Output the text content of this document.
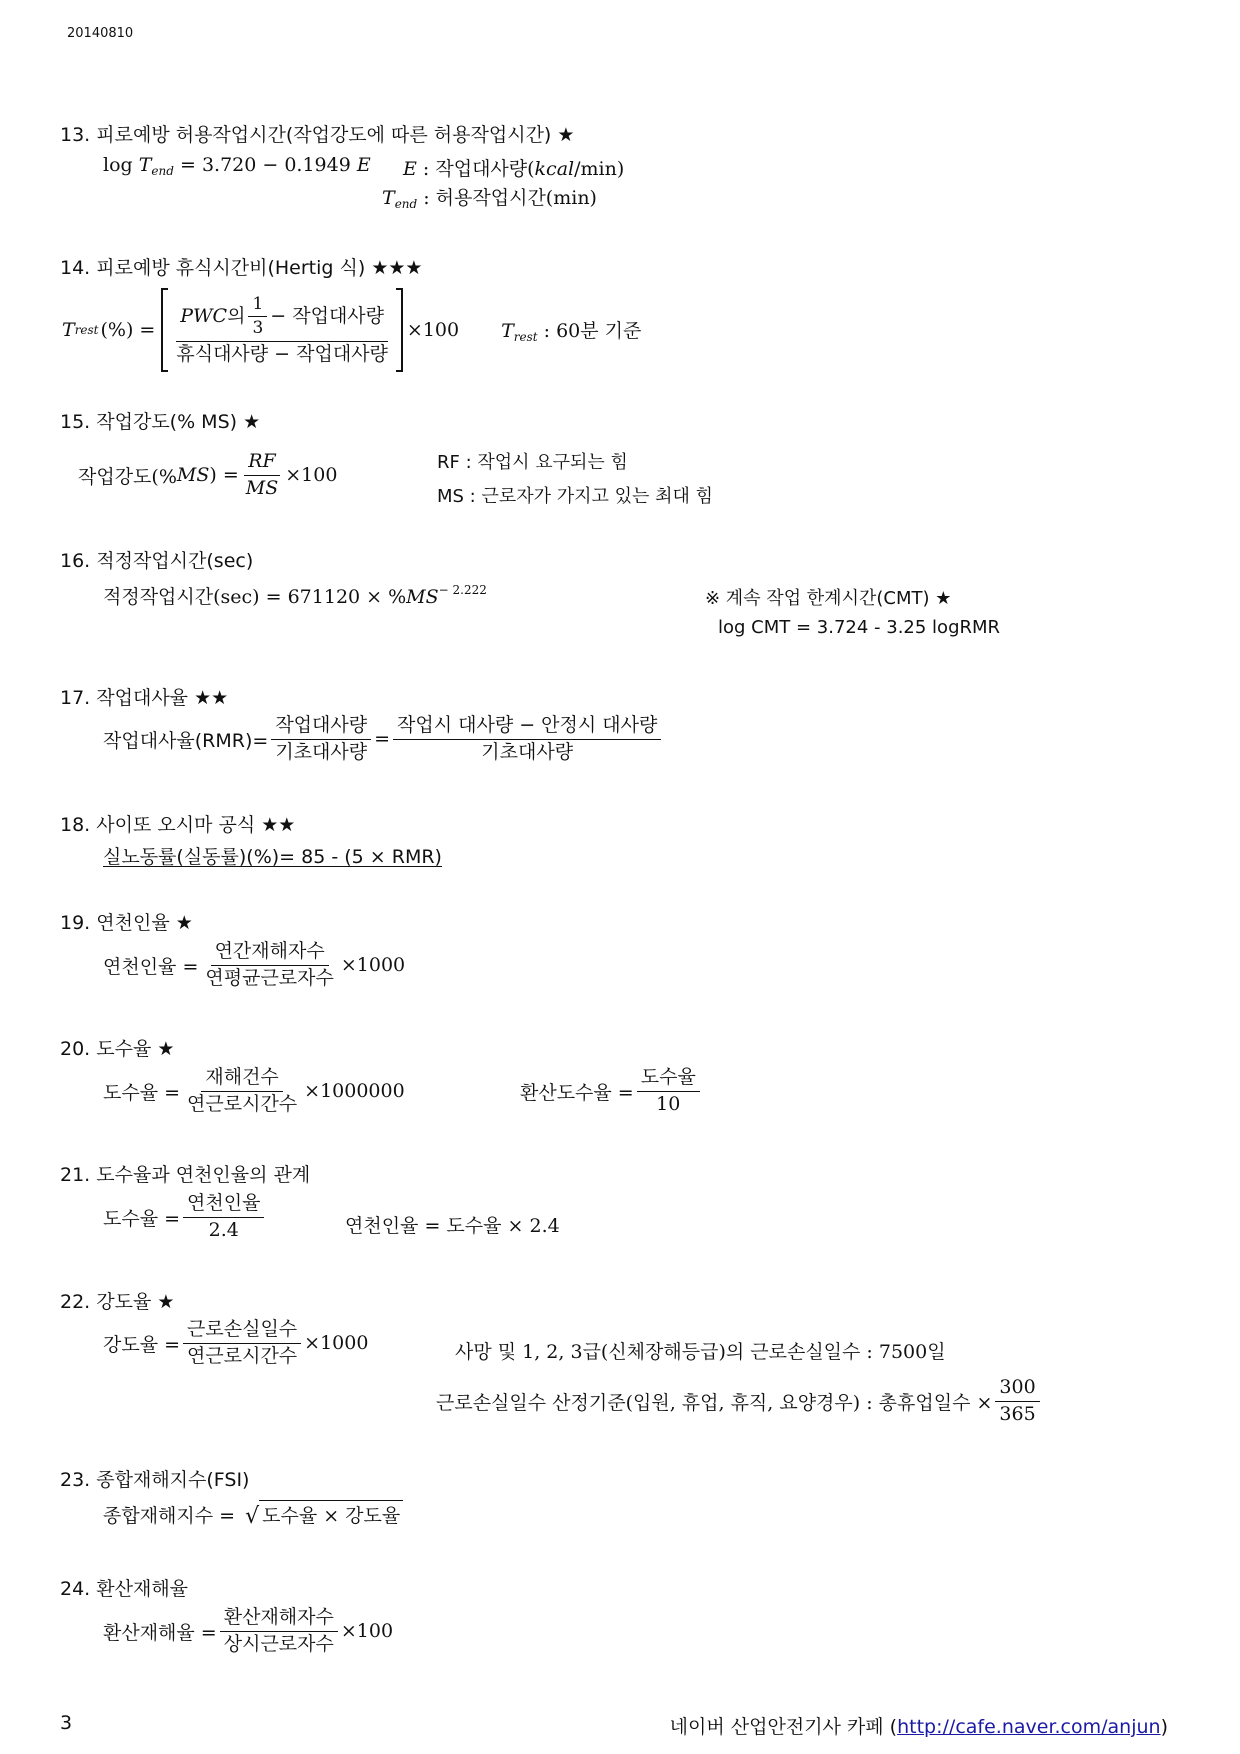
20140810
13. 피로예방 허용작업시간(작업강도에 따른 허용작업시간) ★
$\log T_{end} = 3.720 - 0.1949$ E E : 작업대사량(kcal/min)
$T_{end}$ : 허용작업시간(min)
14. 피로예방 휴식시간비(Hertig 식) ★★★
T rest (%) =
PWC 의 $\frac{1}{3}$ − 작업대사량
휴식대사량 − 작업대사량
×100 $T_{rest}$ : 60분 기준
15. 작업강도(% MS) ★
작업강도(% MS ) = $\frac{RF}{MS} \times 100$
RF : 작업시 요구되는 힘
MS : 근로자가 가지고 있는 최대 힘
16. 적정작업시간(sec)
적정작업시간$(\sec) = 671120 \times \%MS^{- 2.222}$	※ 계속 작업 한계시간(CMT) ★
log CMT = 3.724 - 3.25 logRMR
17. 작업대사율 ★★
작업대사율$(RMR)= \frac{\text{작업대사량}}{\text{기초대사량}} = \frac{\text{작업시 대사량 − 안정시 대사량}}{\text{기초대사량}}$
18. 사이또 오시마 공식 ★★
실노동률(실동률)(%)= 85 - (5 × RMR)
19. 연천인율 ★
연천인율 = $\frac{\text{연간재해자수}}{\text{연평균근로자수}} \times 1000$
20. 도수율 ★
도수율 = $\frac{\text{재해건수}}{\text{연근로시간수}} \times 1000000$	환산도수율 = $\frac{\text{도수율}}{10}$
21. 도수율과 연천인율의 관계
도수율 = $\frac{\text{연천인율}}{2.4}$	연천인율 = 도수율 × 2.4
22. 강도율 ★
강도율 = $\frac{\text{근로손실일수}}{\text{연근로시간수}} \times 1000$	사망 및 1, 2, 3급(신체장해등급)의 근로손실일수 : 7500일
근로손실일수 산정기준(입원, 휴업, 휴직, 요양경우) : 총휴업일수 × $\frac{300}{365}$
23. 종합재해지수(FSI)
종합재해지수 = √ 도수율 × 강도율
24. 환산재해율
환산재해율 = $\frac{\text{환산재해자수}}{\text{상시근로자수}} \times 100$
3	네이버 산업안전기사 카페 (http://cafe.naver.com/anjun)
